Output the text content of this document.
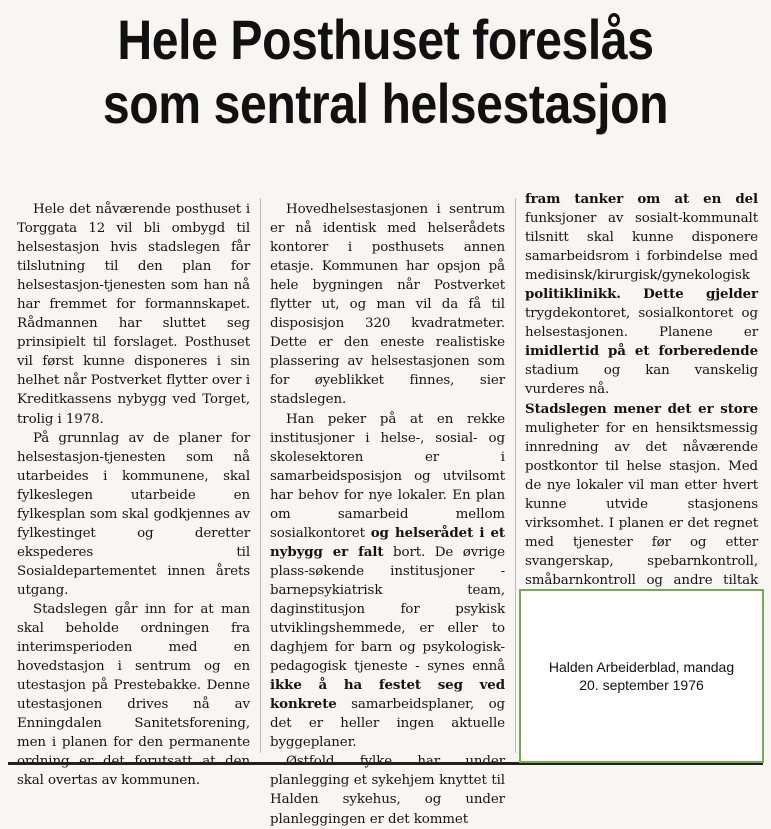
Hele Posthuset foreslås
som sentral helsestasjon

Hele det nåværende posthuset i Torggata 12 vil bli ombygd til helsestasjon hvis stadslegen får tilslutning til den plan for helsestasjon-tjenesten som han nå har fremmet for formannskapet. Rådmannen har sluttet seg prinsipielt til forslaget. Posthuset vil først kunne disponeres i sin helhet når Postverket flytter over i Kreditkassens nybygg ved Torget, trolig i 1978.

På grunnlag av de planer for helsestasjon-tjenesten som nå utarbeides i kommunene, skal fylkeslegen utarbeide en fylkesplan som skal godkjennes av fylkestinget og deretter ekspederes til Sosialdepartementet innen årets utgang.

Stadslegen går inn for at man skal beholde ordningen fra interimsperioden med en hovedstasjon i sentrum og en utestasjon på Prestebakke. Denne utestasjonen drives nå av Enningdalen Sanitetsforening, men i planen for den permanente skal overtas av kommunen.

Hovedhelsestasjonen i sentrum er nå identisk med helserådets kontorer i posthusets annen etasje. Kommunen har opsjon på hele bygningen når Postverket flytter ut, og man vil da få til disposisjon 320 kvadratmeter. Dette er den eneste realistiske plassering av helsestasjonen som for øyeblikket finnes, sier stadslegen.

Han peker på at en rekke institusjoner i helse-, sosial- og skolesektoren er i samarbeidsposisjon og utvilsomt har behov for nye lokaler. En plan om samarbeid mellom sosialkontoret og helserådet i et nybygg er falt bort. De øvrige plass-søkende institusjoner - barnepsykiatrisk team, daginstitusjon for psykisk utviklingshemmede, er eller to daghjem for barn og psykologisk-pedagogisk tjeneste - synes ennå ikke å ha festet seg ved konkrete samarbeidsplaner, og det er heller ingen aktuelle byggeplaner.

planlegging et sykehjem knyttet til Halden sykehus, og under planleggingen er det kommet

fram tanker om at en del funksjoner av sosialt-kommunalt tilsnitt skal kunne disponere samarbeidsrom i forbindelse med medisinsk/kirurgisk/gynekologisk politiklinikk. Dette gjelder trygdekontoret, sosialkontoret og helsestasjonen. Planene er imidlertid på et forberedende stadium og kan vanskelig vurderes nå.

Stadslegen mener det er store muligheter for en hensiktsmessig innredning av det nåværende postkontor til helse stasjon. Med de nye lokaler vil man etter hvert kunne utvide stasjonens virksomhet. I planen er det regnet med tjenester før og etter svangerskap, spebarnkontroll, småbarnkontroll og andre tiltak

Halden Arbeiderblad, mandag
20. september 1976
